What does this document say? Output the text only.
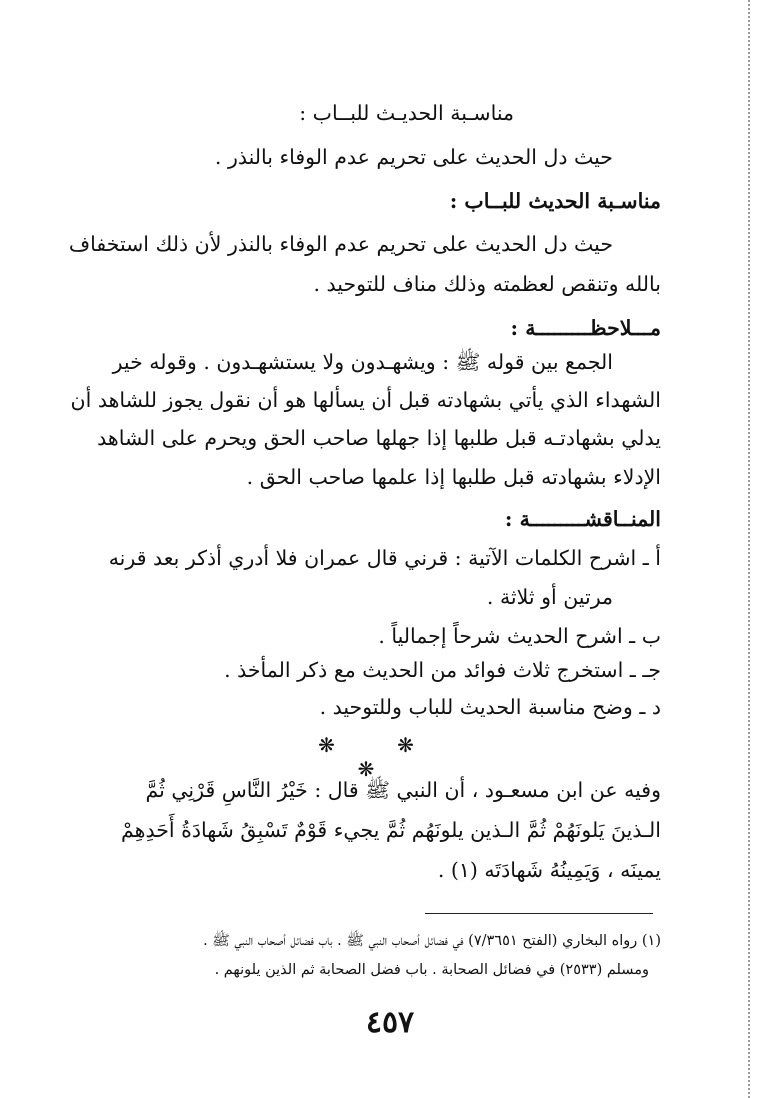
مناسـبة الحديـث للبــاب :
حيث دل الحديث على تحريم عدم الوفاء بالنذر .
مناسـبة الحديث للبــاب :
حيث دل الحديث على تحريم عدم الوفاء بالنذر لأن ذلك استخفاف
بالله وتنقص لعظمته وذلك مناف للتوحيد .
مـــلاحظـــــــــة :
الجمع بين قوله ﷺ : ويشهـدون ولا يستشهـدون . وقوله خير
الشهداء الذي يأتي بشهادته قبل أن يسألها هو أن نقول يجوز للشاهد أن
يدلي بشهادتـه قبل طلبها إذا جهلها صاحب الحق ويحرم على الشاهد
الإدلاء بشهادته قبل طلبها إذا علمها صاحب الحق .
المنــاقشـــــــــة :
أ ـ اشرح الكلمات الآتية : قرني قال عمران فلا أدري أذكر بعد قرنه
مرتين أو ثلاثة .
ب ـ اشرح الحديث شرحاً إجمالياً .
جـ ـ استخرج ثلاث فوائد من الحديث مع ذكر المأخذ .
د ـ وضح مناسبة الحديث للباب وللتوحيد .
❋ ❋ ❋
وفيه عن ابن مسعـود ، أن النبي ﷺ قال : خَيْرُ النَّاسِ قَرْنِي ثُمَّ
الـذينَ يَلونَهُمْ ثُمَّ الـذين يلونَهُم ثُمَّ يجيء قَوْمٌ تَسْبِقُ شَهادَةُ أَحَدِهِمْ
يمينَه ، وَيَمِينُهُ شَهادَتَه (١) .
(١) رواه البخاري (الفتح ٧/٣٦٥١) في فضائل أصحاب النبي ﷺ . باب فضائل أصحاب النبي ﷺ .
ومسلم (٢٥٣٣) في فضائل الصحابة . باب فضل الصحابة ثم الذين يلونهم .
٤٥٧
